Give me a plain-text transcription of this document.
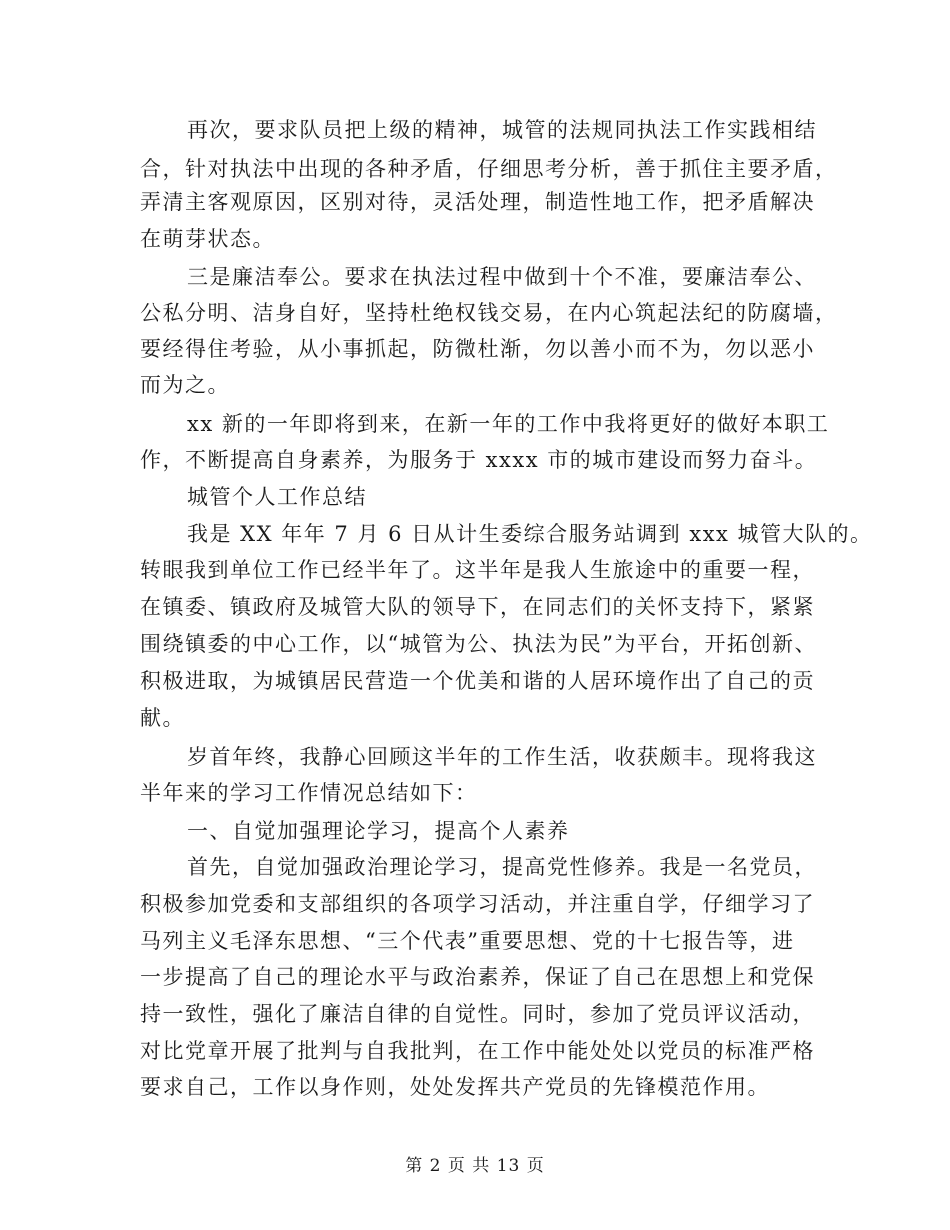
再次，要求队员把上级的精神，城管的法规同执法工作实践相结
合，针对执法中出现的各种矛盾，仔细思考分析，善于抓住主要矛盾，
弄清主客观原因，区别对待，灵活处理，制造性地工作，把矛盾解决
在萌芽状态。
三是廉洁奉公。要求在执法过程中做到十个不准，要廉洁奉公、
公私分明、洁身自好，坚持杜绝权钱交易，在内心筑起法纪的防腐墙，
要经得住考验，从小事抓起，防微杜渐，勿以善小而不为，勿以恶小
而为之。
xx 新的一年即将到来，在新一年的工作中我将更好的做好本职工
作，不断提高自身素养，为服务于 xxxx 市的城市建设而努力奋斗。
城管个人工作总结
我是 XX 年年 7 月 6 日从计生委综合服务站调到 xxx 城管大队的。
转眼我到单位工作已经半年了。这半年是我人生旅途中的重要一程，
在镇委、镇政府及城管大队的领导下，在同志们的关怀支持下，紧紧
围绕镇委的中心工作，以“城管为公、执法为民”为平台，开拓创新、
积极进取，为城镇居民营造一个优美和谐的人居环境作出了自己的贡
献。
岁首年终，我静心回顾这半年的工作生活，收获颇丰。现将我这
半年来的学习工作情况总结如下：
一、自觉加强理论学习，提高个人素养
首先，自觉加强政治理论学习，提高党性修养。我是一名党员，
积极参加党委和支部组织的各项学习活动，并注重自学，仔细学习了
马列主义毛泽东思想、“三个代表”重要思想、党的十七报告等，进
一步提高了自己的理论水平与政治素养，保证了自己在思想上和党保
持一致性，强化了廉洁自律的自觉性。同时，参加了党员评议活动，
对比党章开展了批判与自我批判，在工作中能处处以党员的标准严格
要求自己，工作以身作则，处处发挥共产党员的先锋模范作用。
第 2 页 共 13 页
